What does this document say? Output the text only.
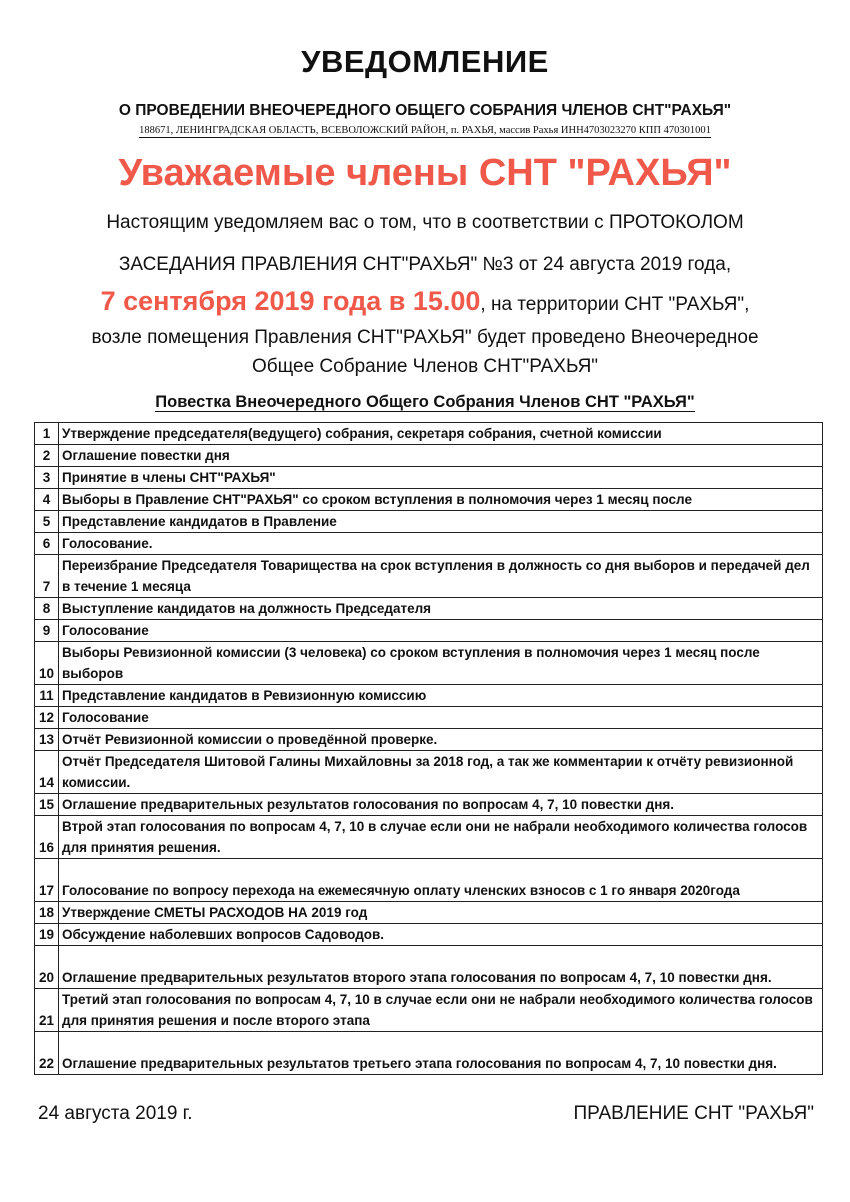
УВЕДОМЛЕНИЕ
О ПРОВЕДЕНИИ ВНЕОЧЕРЕДНОГО ОБЩЕГО СОБРАНИЯ ЧЛЕНОВ СНТ"РАХЬЯ"
188671, ЛЕНИНГРАДСКАЯ ОБЛАСТЬ, ВСЕВОЛОЖСКИЙ РАЙОН, п. РАХЬЯ, массив Рахья ИНН4703023270 КПП 470301001
Уважаемые члены СНТ "РАХЬЯ"
Настоящим уведомляем вас о том, что в соответствии с ПРОТОКОЛОМ
ЗАСЕДАНИЯ ПРАВЛЕНИЯ СНТ"РАХЬЯ" №3 от 24 августа 2019 года,
7 сентября 2019 года в 15.00, на территории СНТ "РАХЬЯ",
возле помещения Правления СНТ"РАХЬЯ" будет проведено Внеочередное
Общее Собрание Членов СНТ"РАХЬЯ"
Повестка Внеочередного Общего Собрания Членов СНТ "РАХЬЯ"
1	Утверждение председателя(ведущего) собрания, секретаря собрания, счетной комиссии
2	Оглашение повестки дня
3	Принятие в члены СНТ"РАХЬЯ"
4	Выборы в Правление СНТ"РАХЬЯ" со сроком вступления в полномочия через 1 месяц после
5	Представление кандидатов в Правление
6	Голосование.
7	Переизбрание Председателя Товарищества на срок вступления в должность со дня выборов и передачей дел в течение 1 месяца
8	Выступление кандидатов на должность Председателя
9	Голосование
10	Выборы Ревизионной комиссии (3 человека) со сроком вступления в полномочия через 1 месяц после выборов
11	Представление кандидатов в Ревизионную комиссию
12	Голосование
13	Отчёт Ревизионной комиссии о проведённой проверке.
14	Отчёт Председателя Шитовой Галины Михайловны за 2018 год, а так же комментарии к отчёту ревизионной комиссии.
15	Оглашение предварительных результатов голосования по вопросам 4, 7, 10 повестки дня.
16	Втрой этап голосования по вопросам 4, 7, 10 в случае если они не набрали необходимого количества голосов для принятия решения.
17	Голосование по вопросу перехода на ежемесячную оплату членских взносов с 1 го января 2020года
18	Утверждение СМЕТЫ РАСХОДОВ НА 2019 год
19	Обсуждение наболевших вопросов Садоводов.
20	Оглашение предварительных результатов второго этапа голосования по вопросам 4, 7, 10 повестки дня.
21	Третий этап голосования по вопросам 4, 7, 10 в случае если они не набрали необходимого количества голосов для принятия решения и после второго этапа
22	Оглашение предварительных результатов третьего этапа голосования по вопросам 4, 7, 10 повестки дня.
24 августа 2019 г.	ПРАВЛЕНИЕ СНТ "РАХЬЯ"
